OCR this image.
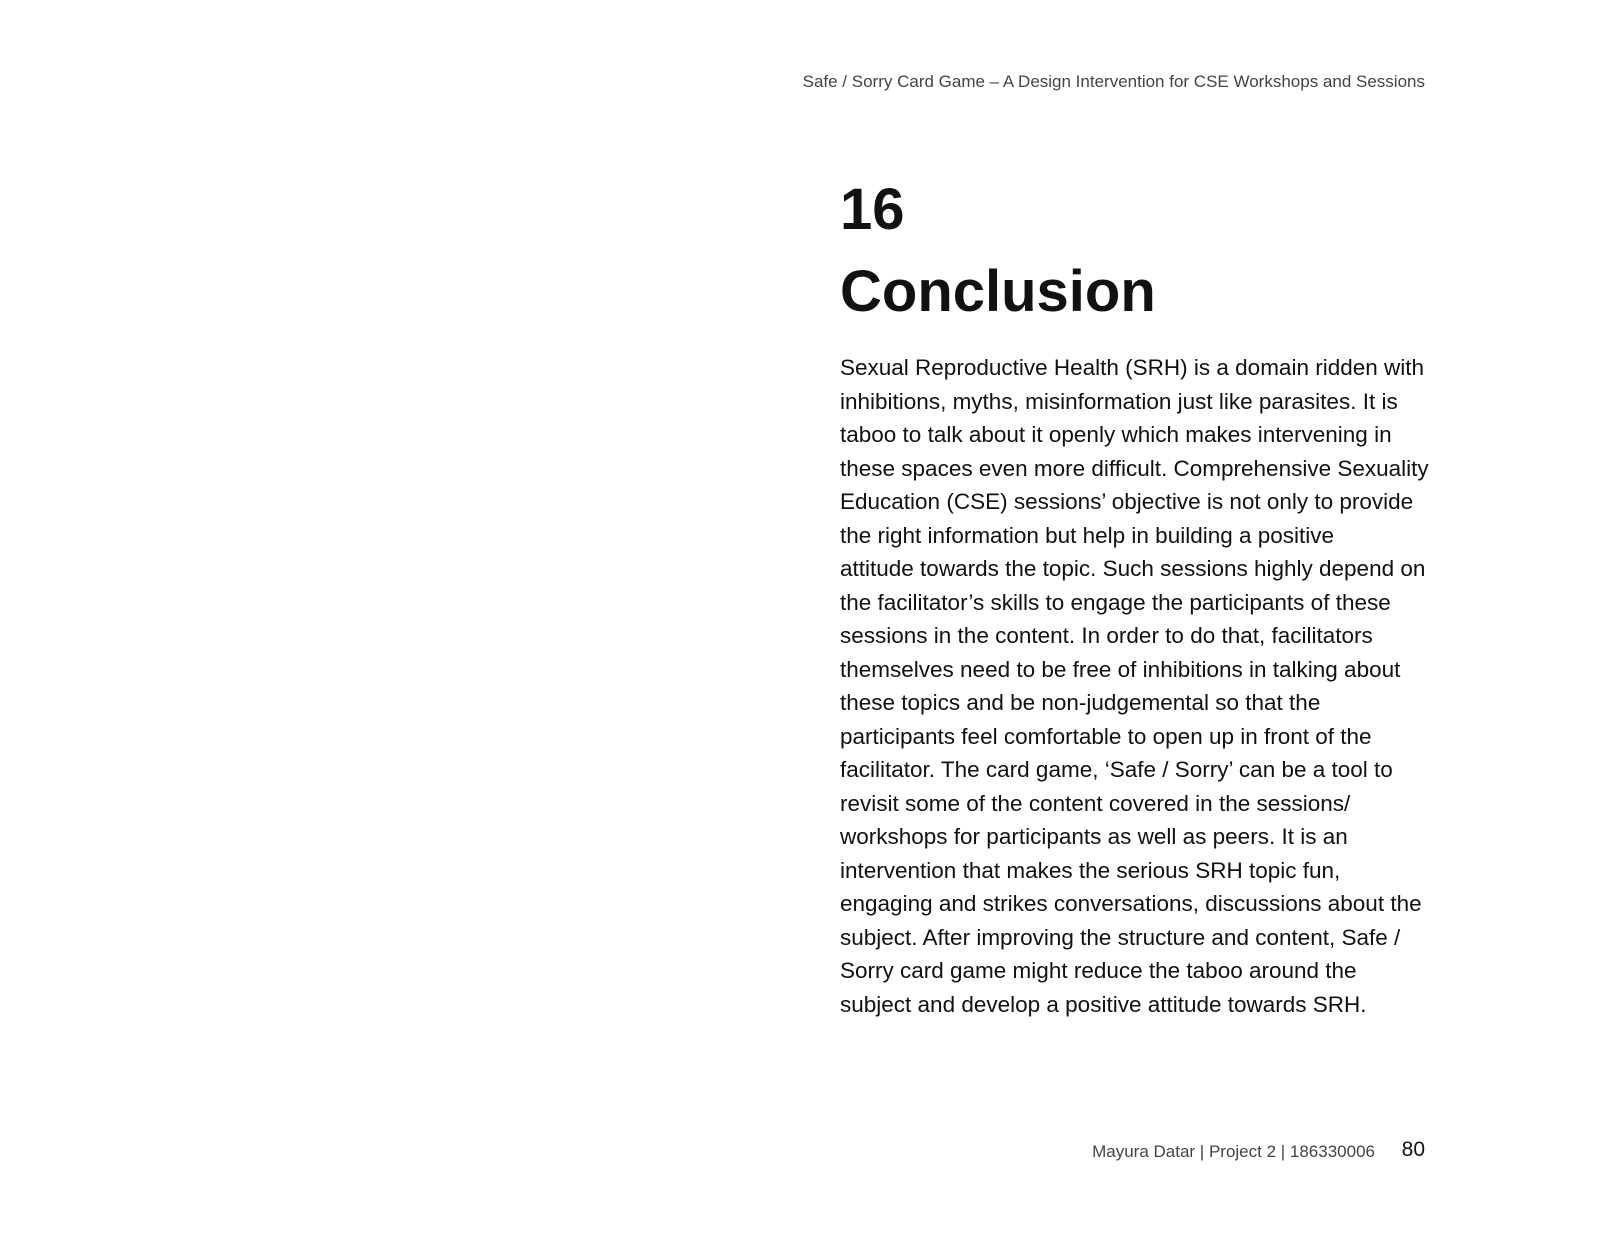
Safe / Sorry Card Game – A Design Intervention for CSE Workshops and Sessions
16
Conclusion
Sexual Reproductive Health (SRH) is a domain ridden with
inhibitions, myths, misinformation just like parasites. It is
taboo to talk about it openly which makes intervening in
these spaces even more difficult. Comprehensive Sexuality
Education (CSE) sessions’ objective is not only to provide
the right information but help in building a positive
attitude towards the topic. Such sessions highly depend on
the facilitator’s skills to engage the participants of these
sessions in the content. In order to do that, facilitators
themselves need to be free of inhibitions in talking about
these topics and be non-judgemental so that the
participants feel comfortable to open up in front of the
facilitator. The card game, ‘Safe / Sorry’ can be a tool to
revisit some of the content covered in the sessions/
workshops for participants as well as peers. It is an
intervention that makes the serious SRH topic fun,
engaging and strikes conversations, discussions about the
subject. After improving the structure and content, Safe /
Sorry card game might reduce the taboo around the
subject and develop a positive attitude towards SRH.
Mayura Datar | Project 2 | 186330006 80
